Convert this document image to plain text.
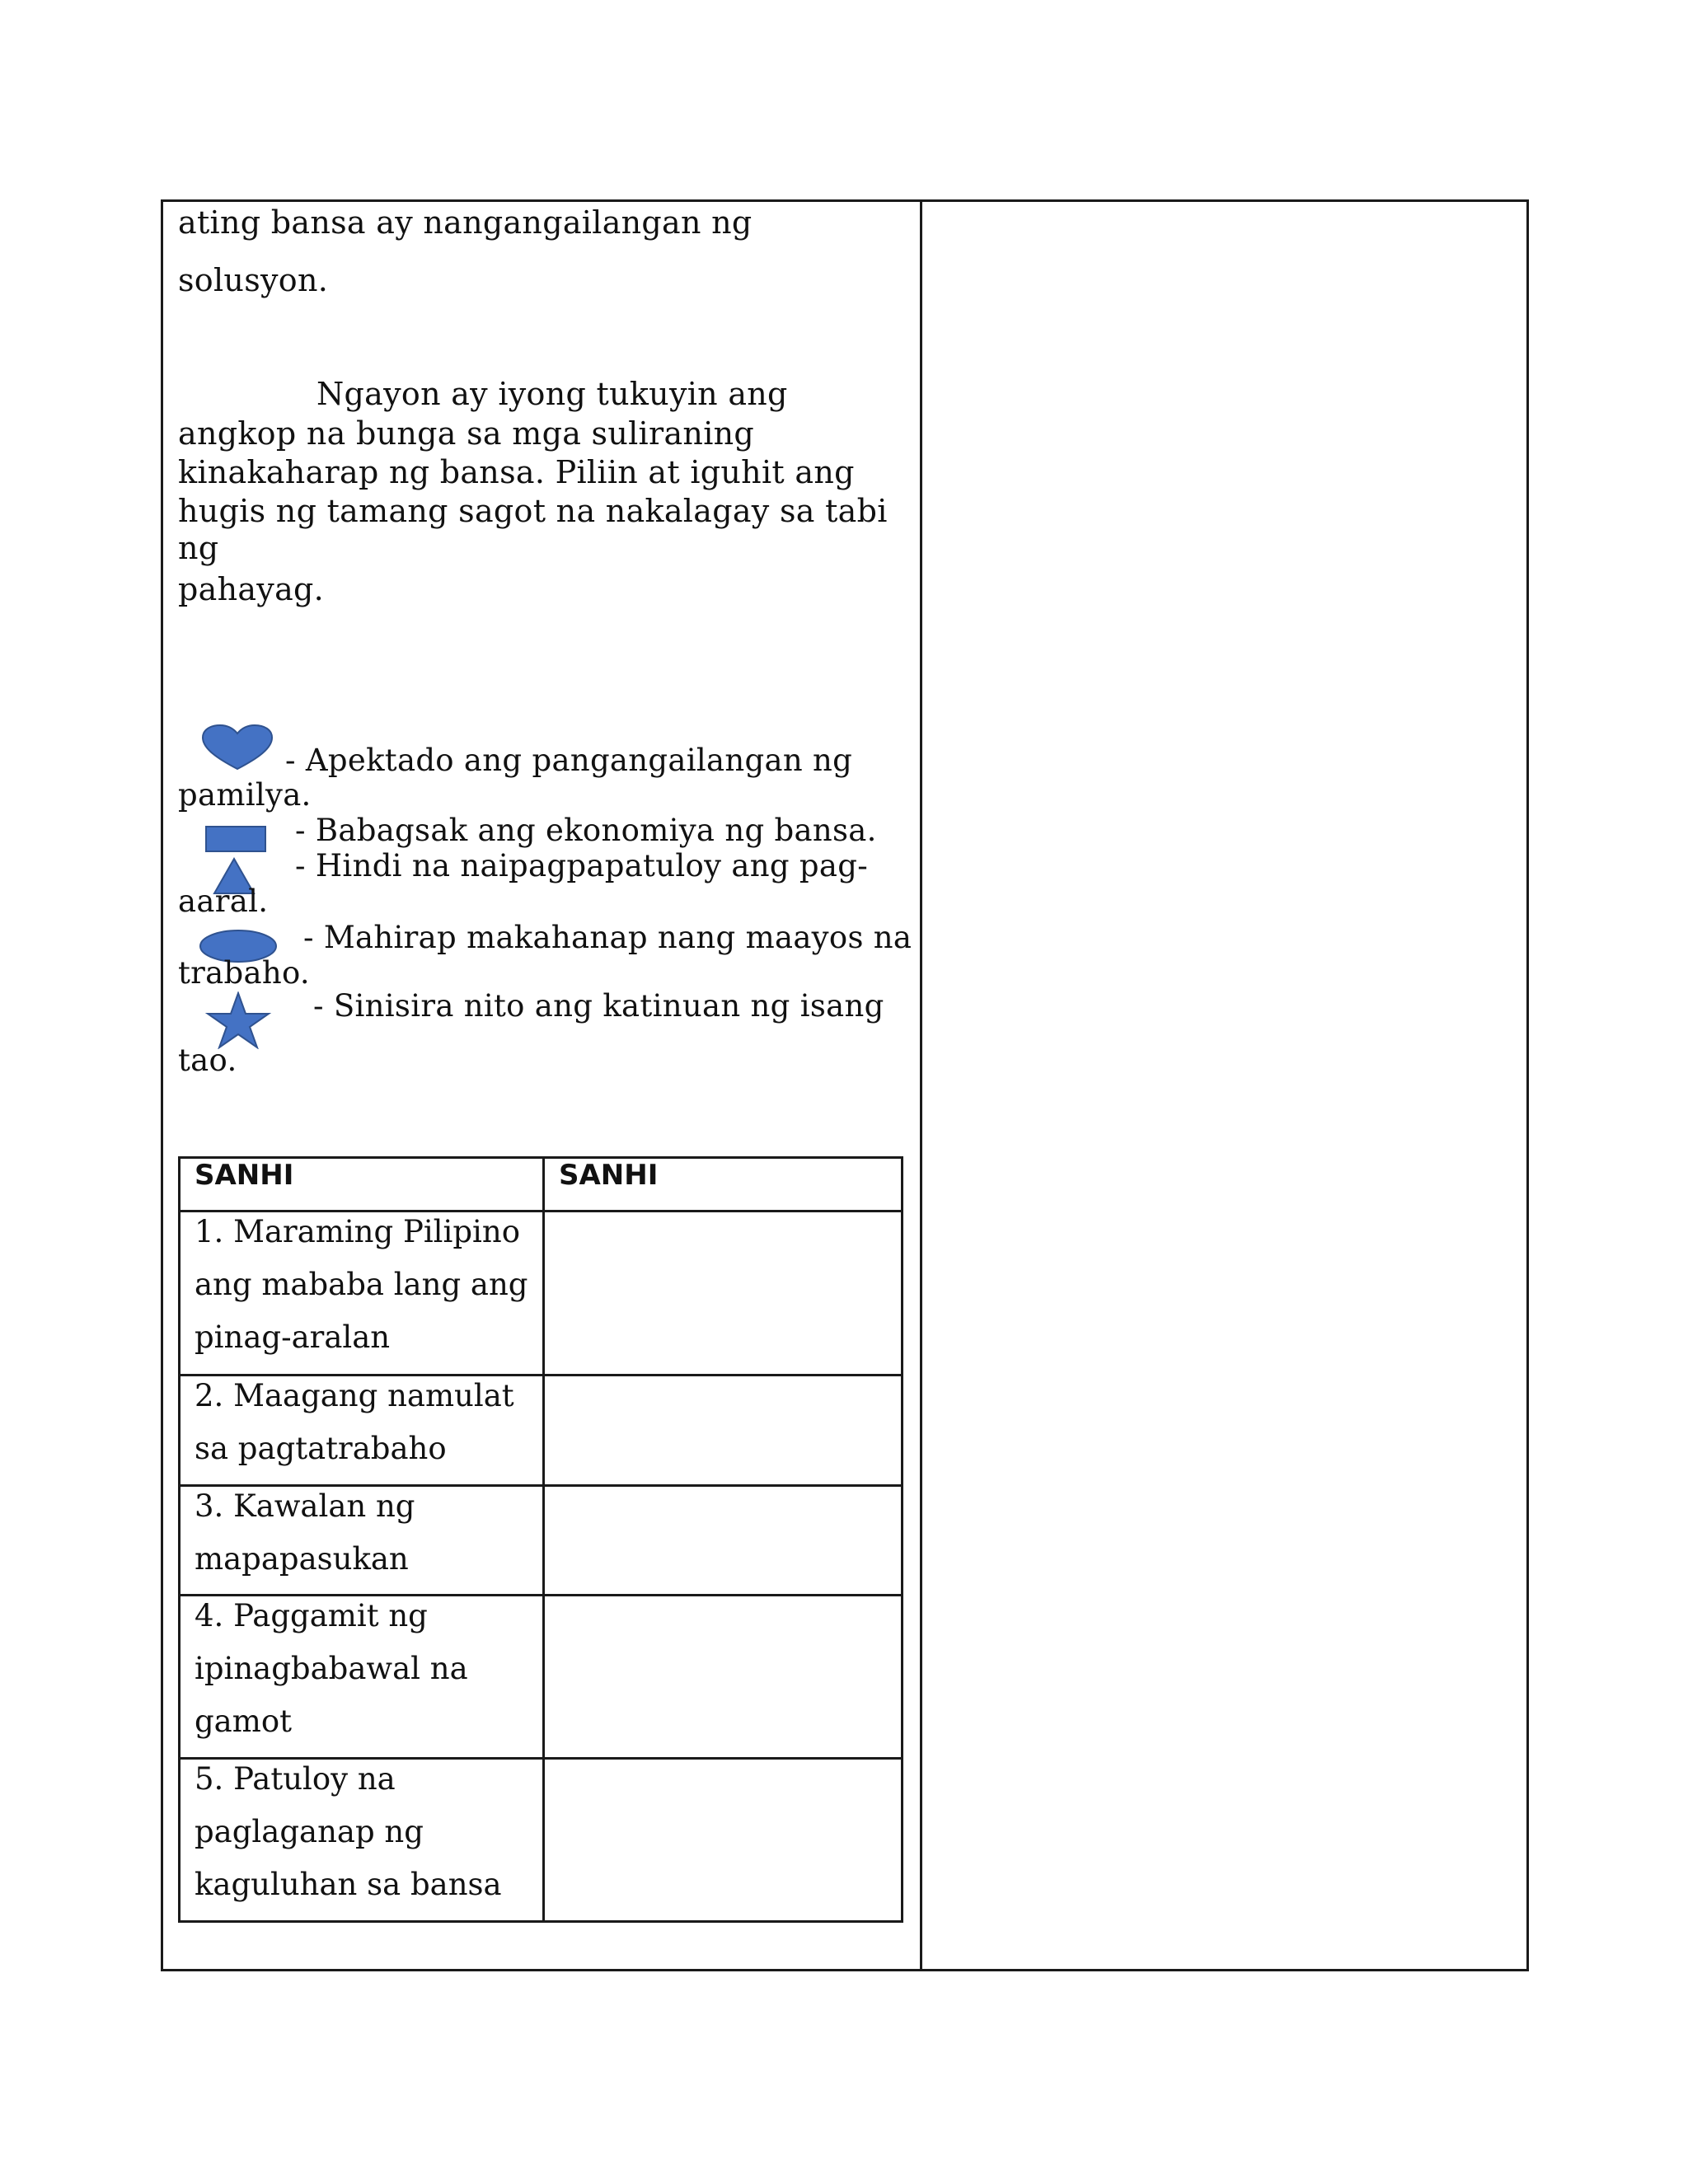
ating bansa ay nangangailangan ng
solusyon.
Ngayon ay iyong tukuyin ang
angkop na bunga sa mga suliraning
kinakaharap ng bansa. Piliin at iguhit ang
hugis ng tamang sagot na nakalagay sa tabi
ng
pahayag.
- Apektado ang pangangailangan ng
pamilya.
- Babagsak ang ekonomiya ng bansa.
- Hindi na naipagpapatuloy ang pag-
aaral.
- Mahirap makahanap nang maayos na
trabaho.
- Sinisira nito ang katinuan ng isang
tao.
SANHI	SANHI

1. Maraming Pilipino
ang mababa lang ang
pinag-aralan	

2. Maagang namulat
sa pagtatrabaho	

3. Kawalan ng
mapapasukan	

4. Paggamit ng
ipinagbabawal na
gamot	

5. Patuloy na
paglaganap ng
kaguluhan sa bansa	
